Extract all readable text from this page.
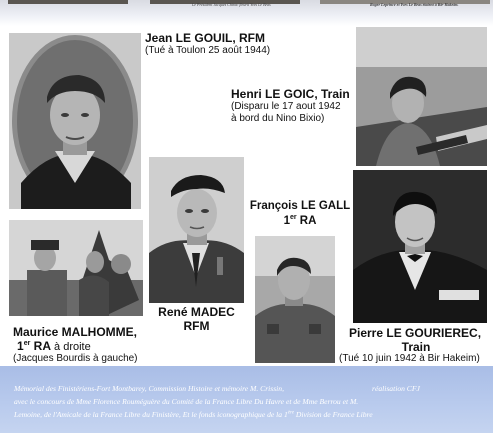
Le Président Jacques Chirac fleurit Yves Le Bras	Roger Leprince et Yves Le Bras étaient à Bir-Hakeim.
Jean LE GOUIL, RFM
(Tué à Toulon 25 août 1944)
Henri LE GOIC, Train
(Disparu le 17 aout 1942
à bord du Nino Bixio)
René MADEC
RFM
François LE GALL
1er RA
Maurice MALHOMME,
1er RA à droite
(Jacques Bourdis à gauche)
Pierre LE GOURIEREC,
Train
(Tué 10 juin 1942 à Bir Hakeim)
Mémorial des Finistériens-Fort Montbarey, Commission Histoire et mémoire M. Crissin,	réalisation CFJ
avec le concours de Mme Florence Rouméguère du Comité de la France Libre Du Havre et de Mme Berrou et M.
Lemoine, de l'Amicale de la France Libre du Finistère, Et le fonds iconographique de la 1ère Division de France Libre
